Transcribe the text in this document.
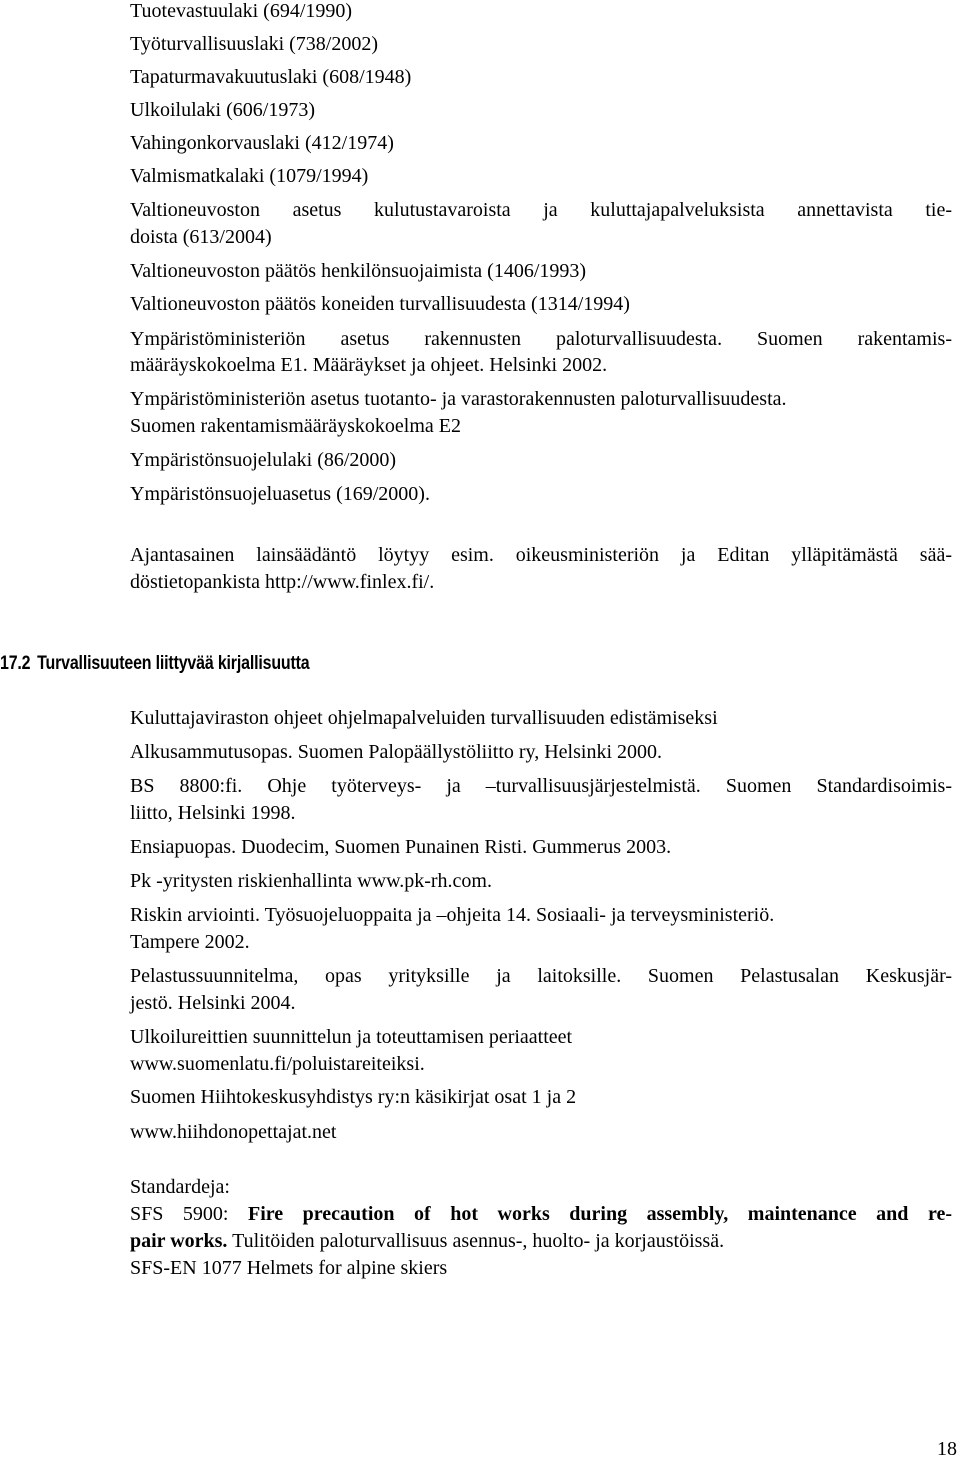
Tuotevastuulaki (694/1990)

Työturvallisuuslaki (738/2002)

Tapaturmavakuutuslaki (608/1948)

Ulkoilulaki (606/1973)

Vahingonkorvauslaki (412/1974)

Valmismatkalaki (1079/1994)

Valtioneuvoston asetus kulutustavaroista ja kuluttajapalveluksista annettavista tie-

doista (613/2004)

Valtioneuvoston päätös henkilönsuojaimista (1406/1993)

Valtioneuvoston päätös koneiden turvallisuudesta (1314/1994)

Ympäristöministeriön asetus rakennusten paloturvallisuudesta. Suomen rakentamis-

määräyskokoelma E1. Määräykset ja ohjeet. Helsinki 2002.

Ympäristöministeriön asetus tuotanto- ja varastorakennusten paloturvallisuudesta.

Suomen rakentamismääräyskokoelma E2

Ympäristönsuojelulaki (86/2000)

Ympäristönsuojeluasetus (169/2000).

Ajantasainen lainsäädäntö löytyy esim. oikeusministeriön ja Editan ylläpitämästä sää-

döstietopankista http://www.finlex.fi/.

17.2 Turvallisuuteen liittyvää kirjallisuutta

Kuluttajaviraston ohjeet ohjelmapalveluiden turvallisuuden edistämiseksi

Alkusammutusopas. Suomen Palopäällystöliitto ry, Helsinki 2000.

BS 8800:fi. Ohje työterveys- ja –turvallisuusjärjestelmistä. Suomen Standardisoimis-

liitto, Helsinki 1998.

Ensiapuopas. Duodecim, Suomen Punainen Risti. Gummerus 2003.

Pk -yritysten riskienhallinta www.pk-rh.com.

Riskin arviointi. Työsuojeluoppaita ja –ohjeita 14. Sosiaali- ja terveysministeriö.

Tampere 2002.

Pelastussuunnitelma, opas yrityksille ja laitoksille. Suomen Pelastusalan Keskusjär-

jestö. Helsinki 2004.

Ulkoilureittien suunnittelun ja toteuttamisen periaatteet

www.suomenlatu.fi/poluistareiteiksi.

Suomen Hiihtokeskusyhdistys ry:n käsikirjat osat 1 ja 2

www.hiihdonopettajat.net

Standardeja:

SFS 5900: Fire precaution of hot works during assembly, maintenance and re-

pair works. Tulitöiden paloturvallisuus asennus-, huolto- ja korjaustöissä.

SFS-EN 1077 Helmets for alpine skiers

18
